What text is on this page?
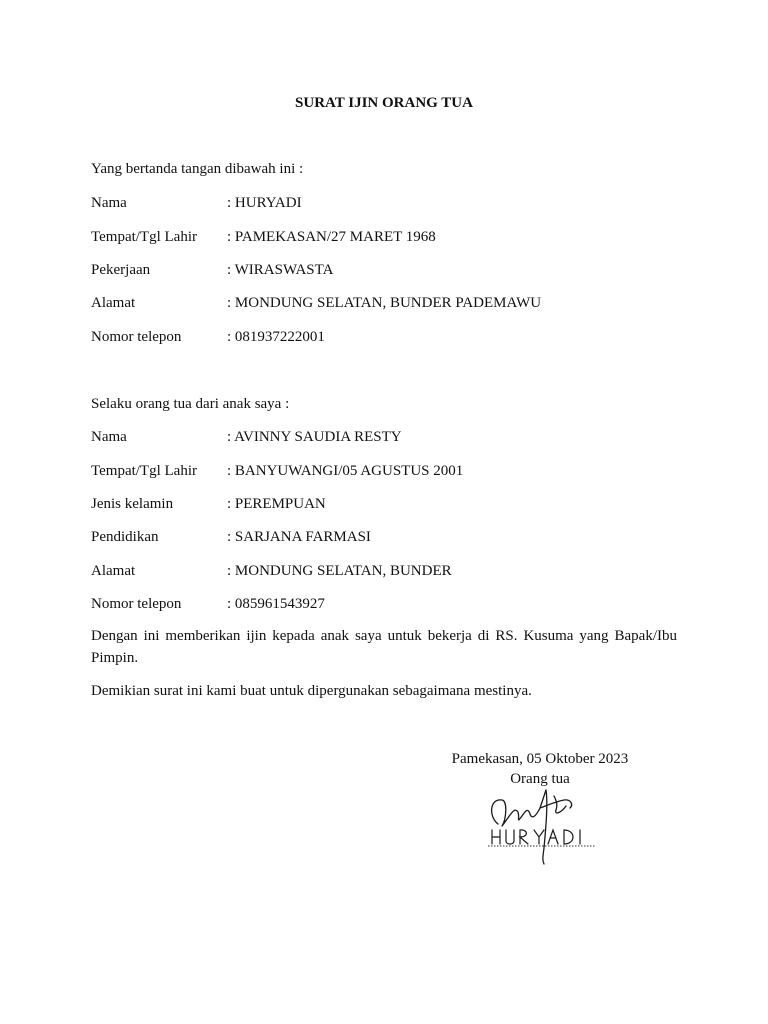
SURAT IJIN ORANG TUA
Yang bertanda tangan dibawah ini :
Nama	: HURYADI
Tempat/Tgl Lahir : PAMEKASAN/27 MARET 1968
Pekerjaan	: WIRASWASTA
Alamat	: MONDUNG SELATAN, BUNDER PADEMAWU
Nomor telepon	: 081937222001
Selaku orang tua dari anak saya :
Nama	: AVINNY SAUDIA RESTY
Tempat/Tgl Lahir : BANYUWANGI/05 AGUSTUS 2001
Jenis kelamin	: PEREMPUAN
Pendidikan	: SARJANA FARMASI
Alamat	: MONDUNG SELATAN, BUNDER
Nomor telepon	: 085961543927
Dengan ini memberikan ijin kepada anak saya untuk bekerja di RS. Kusuma yang Bapak/Ibu Pimpin.
Demikian surat ini kami buat untuk dipergunakan sebagaimana mestinya.
Pamekasan, 05 Oktober 2023
Orang tua
